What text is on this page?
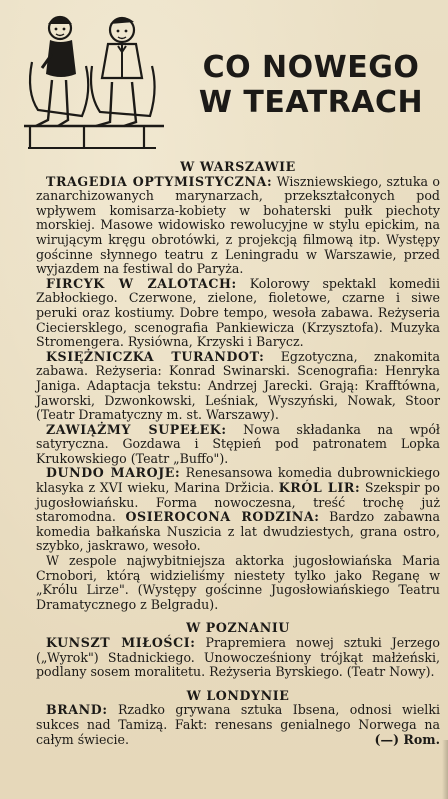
CO NOWEGO
W TEATRACH

W WARSZAWIE

TRAGEDIA OPTYMISTYCZNA: Wiszniewskiego, sztuka o zanarchizowanych marynarzach, przekształconych pod wpływem komisarza-kobiety w bohaterski pułk piechoty morskiej. Masowe widowisko rewolucyjne w stylu epickim, na wirującym kręgu obrotówki, z projekcją filmową itp. Występy gościnne słynnego teatru z Leningradu w Warszawie, przed wyjazdem na festiwal do Paryża.

FIRCYK W ZALOTACH: Kolorowy spektakl komedii Zabłockiego. Czerwone, zielone, fioletowe, czarne i siwe peruki oraz kostiumy. Dobre tempo, wesoła zabawa. Reżyseria Cieciersklego, scenografia Pankiewicza (Krzysztofa). Muzyka Stromengera. Rysiówna, Krzyski i Barycz.

KSIĘŻNICZKA TURANDOT: Egzotyczna, znakomita zabawa. Reżyseria: Konrad Swinarski. Scenografia: Henryka Janiga. Adaptacja tekstu: Andrzej Jarecki. Grają: Krafftówna, Jaworski, Dzwonkowski, Leśniak, Wyszyński, Nowak, Stoor (Teatr Dramatyczny m. st. Warszawy).

ZAWIĄŻMY SUPEŁEK: Nowa składanka na wpół satyryczna. Gozdawa i Stępień pod patronatem Lopka Krukowskiego (Teatr „Buffo").

DUNDO MAROJE: Renesansowa komedia dubrownickiego klasyka z XVI wieku, Marina Držicia. KRÓL LIR: Szekspir po jugosłowiańsku. Forma nowoczesna, treść trochę już staromodna. OSIEROCONA RODZINA: Bardzo zabawna komedia bałkańska Nuszicia z lat dwudziestych, grana ostro, szybko, jaskrawo, wesoło.

W zespole najwybitniejsza aktorka jugosłowiańska Maria Crnobori, którą widzieliśmy niestety tylko jako Reganę w „Królu Lirze". (Występy gościnne Jugosłowiańskiego Teatru Dramatycznego z Belgradu).

W POZNANIU

KUNSZT MIŁOŚCI: Prapremiera nowej sztuki Jerzego („Wyrok") Stadnickiego. Unowocześniony trójkąt małżeński, podlany sosem moralitetu. Reżyseria Byrskiego. (Teatr Nowy).

W LONDYNIE

BRAND: Rzadko grywana sztuka Ibsena, odnosi wielki sukces nad Tamizą. Fakt: renesans genialnego Norwega na całym świecie.	(—) Rom.
